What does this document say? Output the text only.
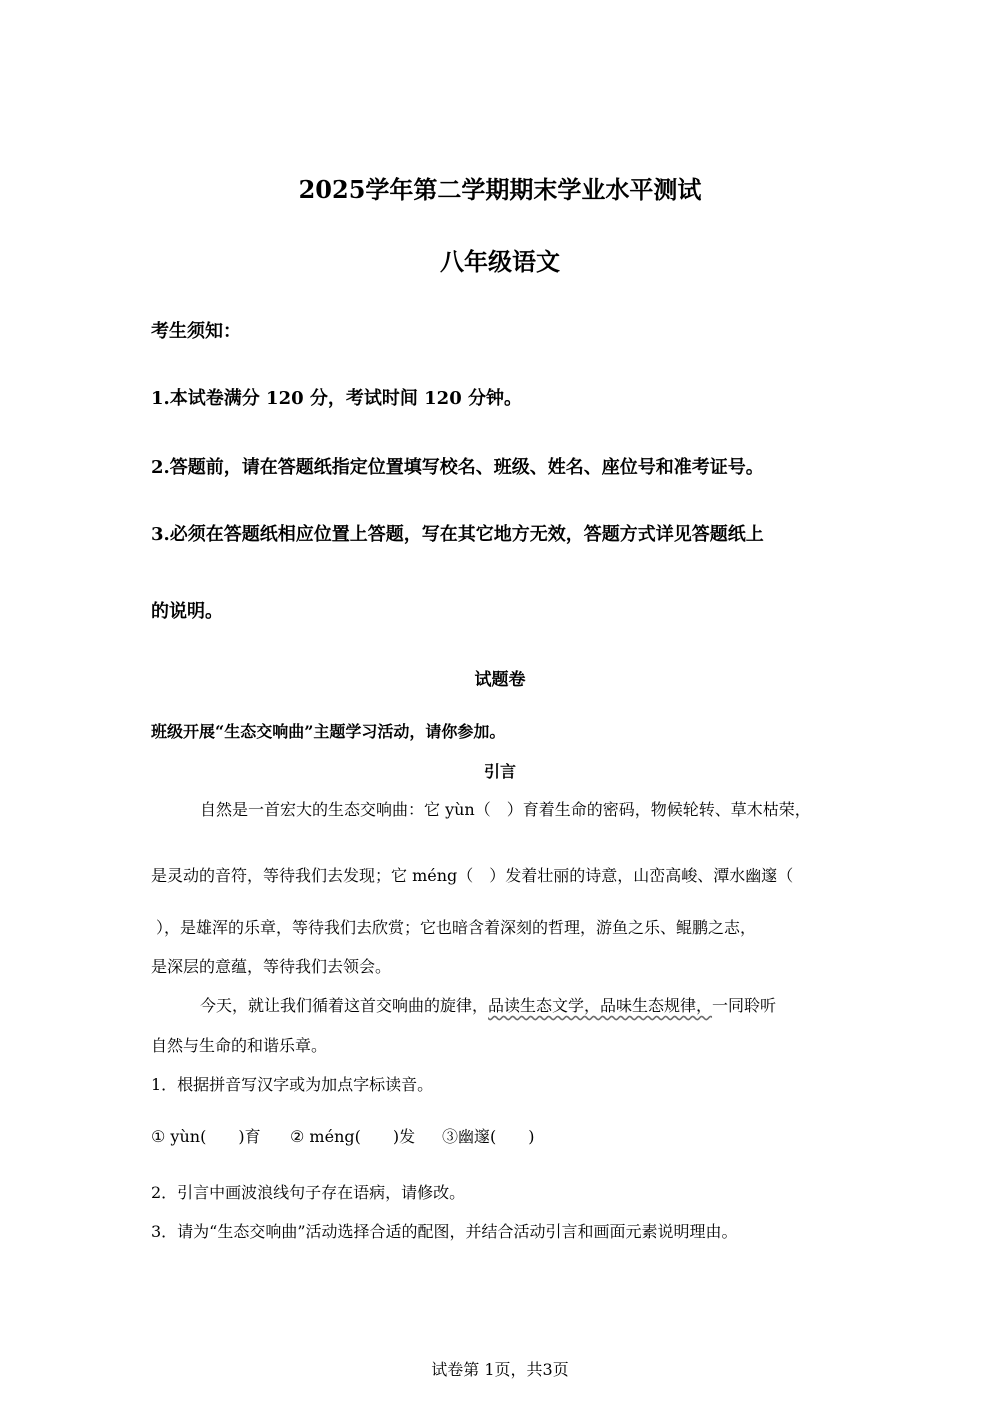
2025学年第二学期期末学业水平测试
八年级语文
考生须知：
1.本试卷满分 120 分，考试时间 120 分钟。
2.答题前，请在答题纸指定位置填写校名、班级、姓名、座位号和准考证号。
3.必须在答题纸相应位置上答题，写在其它地方无效，答题方式详见答题纸上
的说明。
试题卷
班级开展“生态交响曲”主题学习活动，请你参加。
引言
自然是一首宏大的生态交响曲：它 yùn（　）育着生命的密码，物候轮转、草木枯荣，
是灵动的音符，等待我们去发现；它 méng（　）发着壮丽的诗意，山峦高峻、潭水幽邃（
），是雄浑的乐章，等待我们去欣赏；它也暗含着深刻的哲理，游鱼之乐、鲲鹏之志，
是深层的意蕴，等待我们去领会。
今天，就让我们循着这首交响曲的旋律，品读生态文学，品味生态规律，一同聆听
自然与生命的和谐乐章。
1．根据拼音写汉字或为加点字标读音。
① yùn(　　)育 ② méng(　　)发 ③幽邃(　　)
2．引言中画波浪线句子存在语病，请修改。
3．请为“生态交响曲”活动选择合适的配图，并结合活动引言和画面元素说明理由。
试卷第 1页，共3页
